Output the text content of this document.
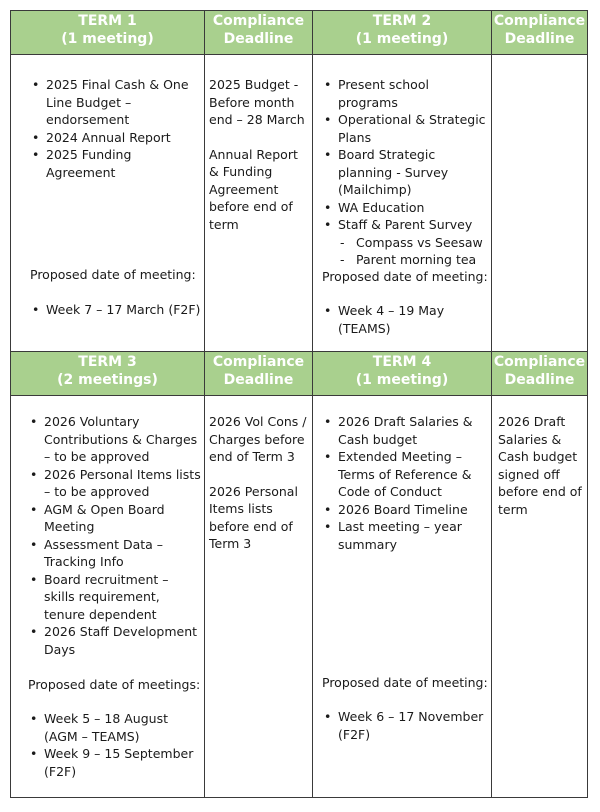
TERM 1
(1 meeting)
Compliance
Deadline
TERM 2
(1 meeting)
Compliance
Deadline
• 2025 Final Cash & One Line Budget – endorsement
• 2024 Annual Report
• 2025 Funding Agreement
Proposed date of meeting:
• Week 7 – 17 March (F2F)
2025 Budget - Before month end – 28 March
Annual Report & Funding Agreement before end of term
• Present school programs
• Operational & Strategic Plans
• Board Strategic planning - Survey (Mailchimp)
• WA Education
• Staff & Parent Survey
- Compass vs Seesaw
- Parent morning tea
Proposed date of meeting:
• Week 4 – 19 May (TEAMS)
TERM 3
(2 meetings)
Compliance
Deadline
TERM 4
(1 meeting)
Compliance
Deadline
• 2026 Voluntary Contributions & Charges – to be approved
• 2026 Personal Items lists – to be approved
• AGM & Open Board Meeting
• Assessment Data – Tracking Info
• Board recruitment – skills requirement, tenure dependent
• 2026 Staff Development Days
Proposed date of meetings:
• Week 5 – 18 August (AGM – TEAMS)
• Week 9 – 15 September (F2F)
2026 Vol Cons / Charges before end of Term 3
2026 Personal Items lists before end of Term 3
• 2026 Draft Salaries & Cash budget
• Extended Meeting – Terms of Reference & Code of Conduct
• 2026 Board Timeline
• Last meeting – year summary
Proposed date of meeting:
• Week 6 – 17 November (F2F)
2026 Draft Salaries & Cash budget signed off before end of term
